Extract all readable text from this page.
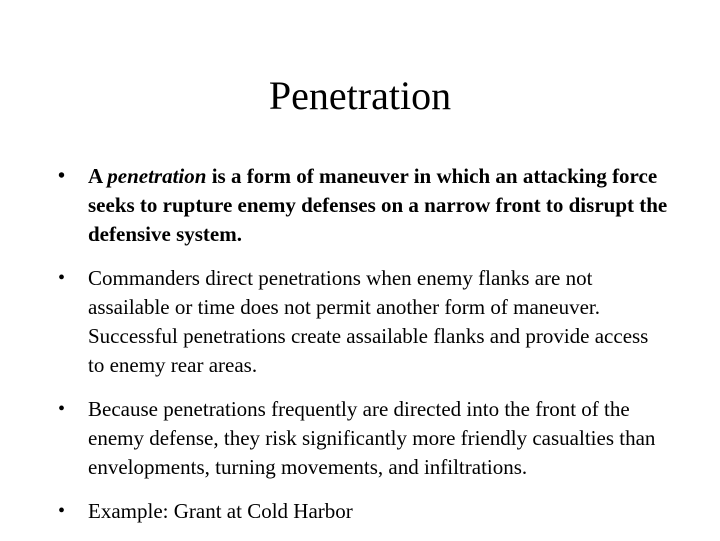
Penetration
• A penetration is a form of maneuver in which an attacking force seeks to rupture enemy defenses on a narrow front to disrupt the defensive system.
• Commanders direct penetrations when enemy flanks are not assailable or time does not permit another form of maneuver. Successful penetrations create assailable flanks and provide access to enemy rear areas.
• Because penetrations frequently are directed into the front of the enemy defense, they risk significantly more friendly casualties than envelopments, turning movements, and infiltrations.
• Example: Grant at Cold Harbor
